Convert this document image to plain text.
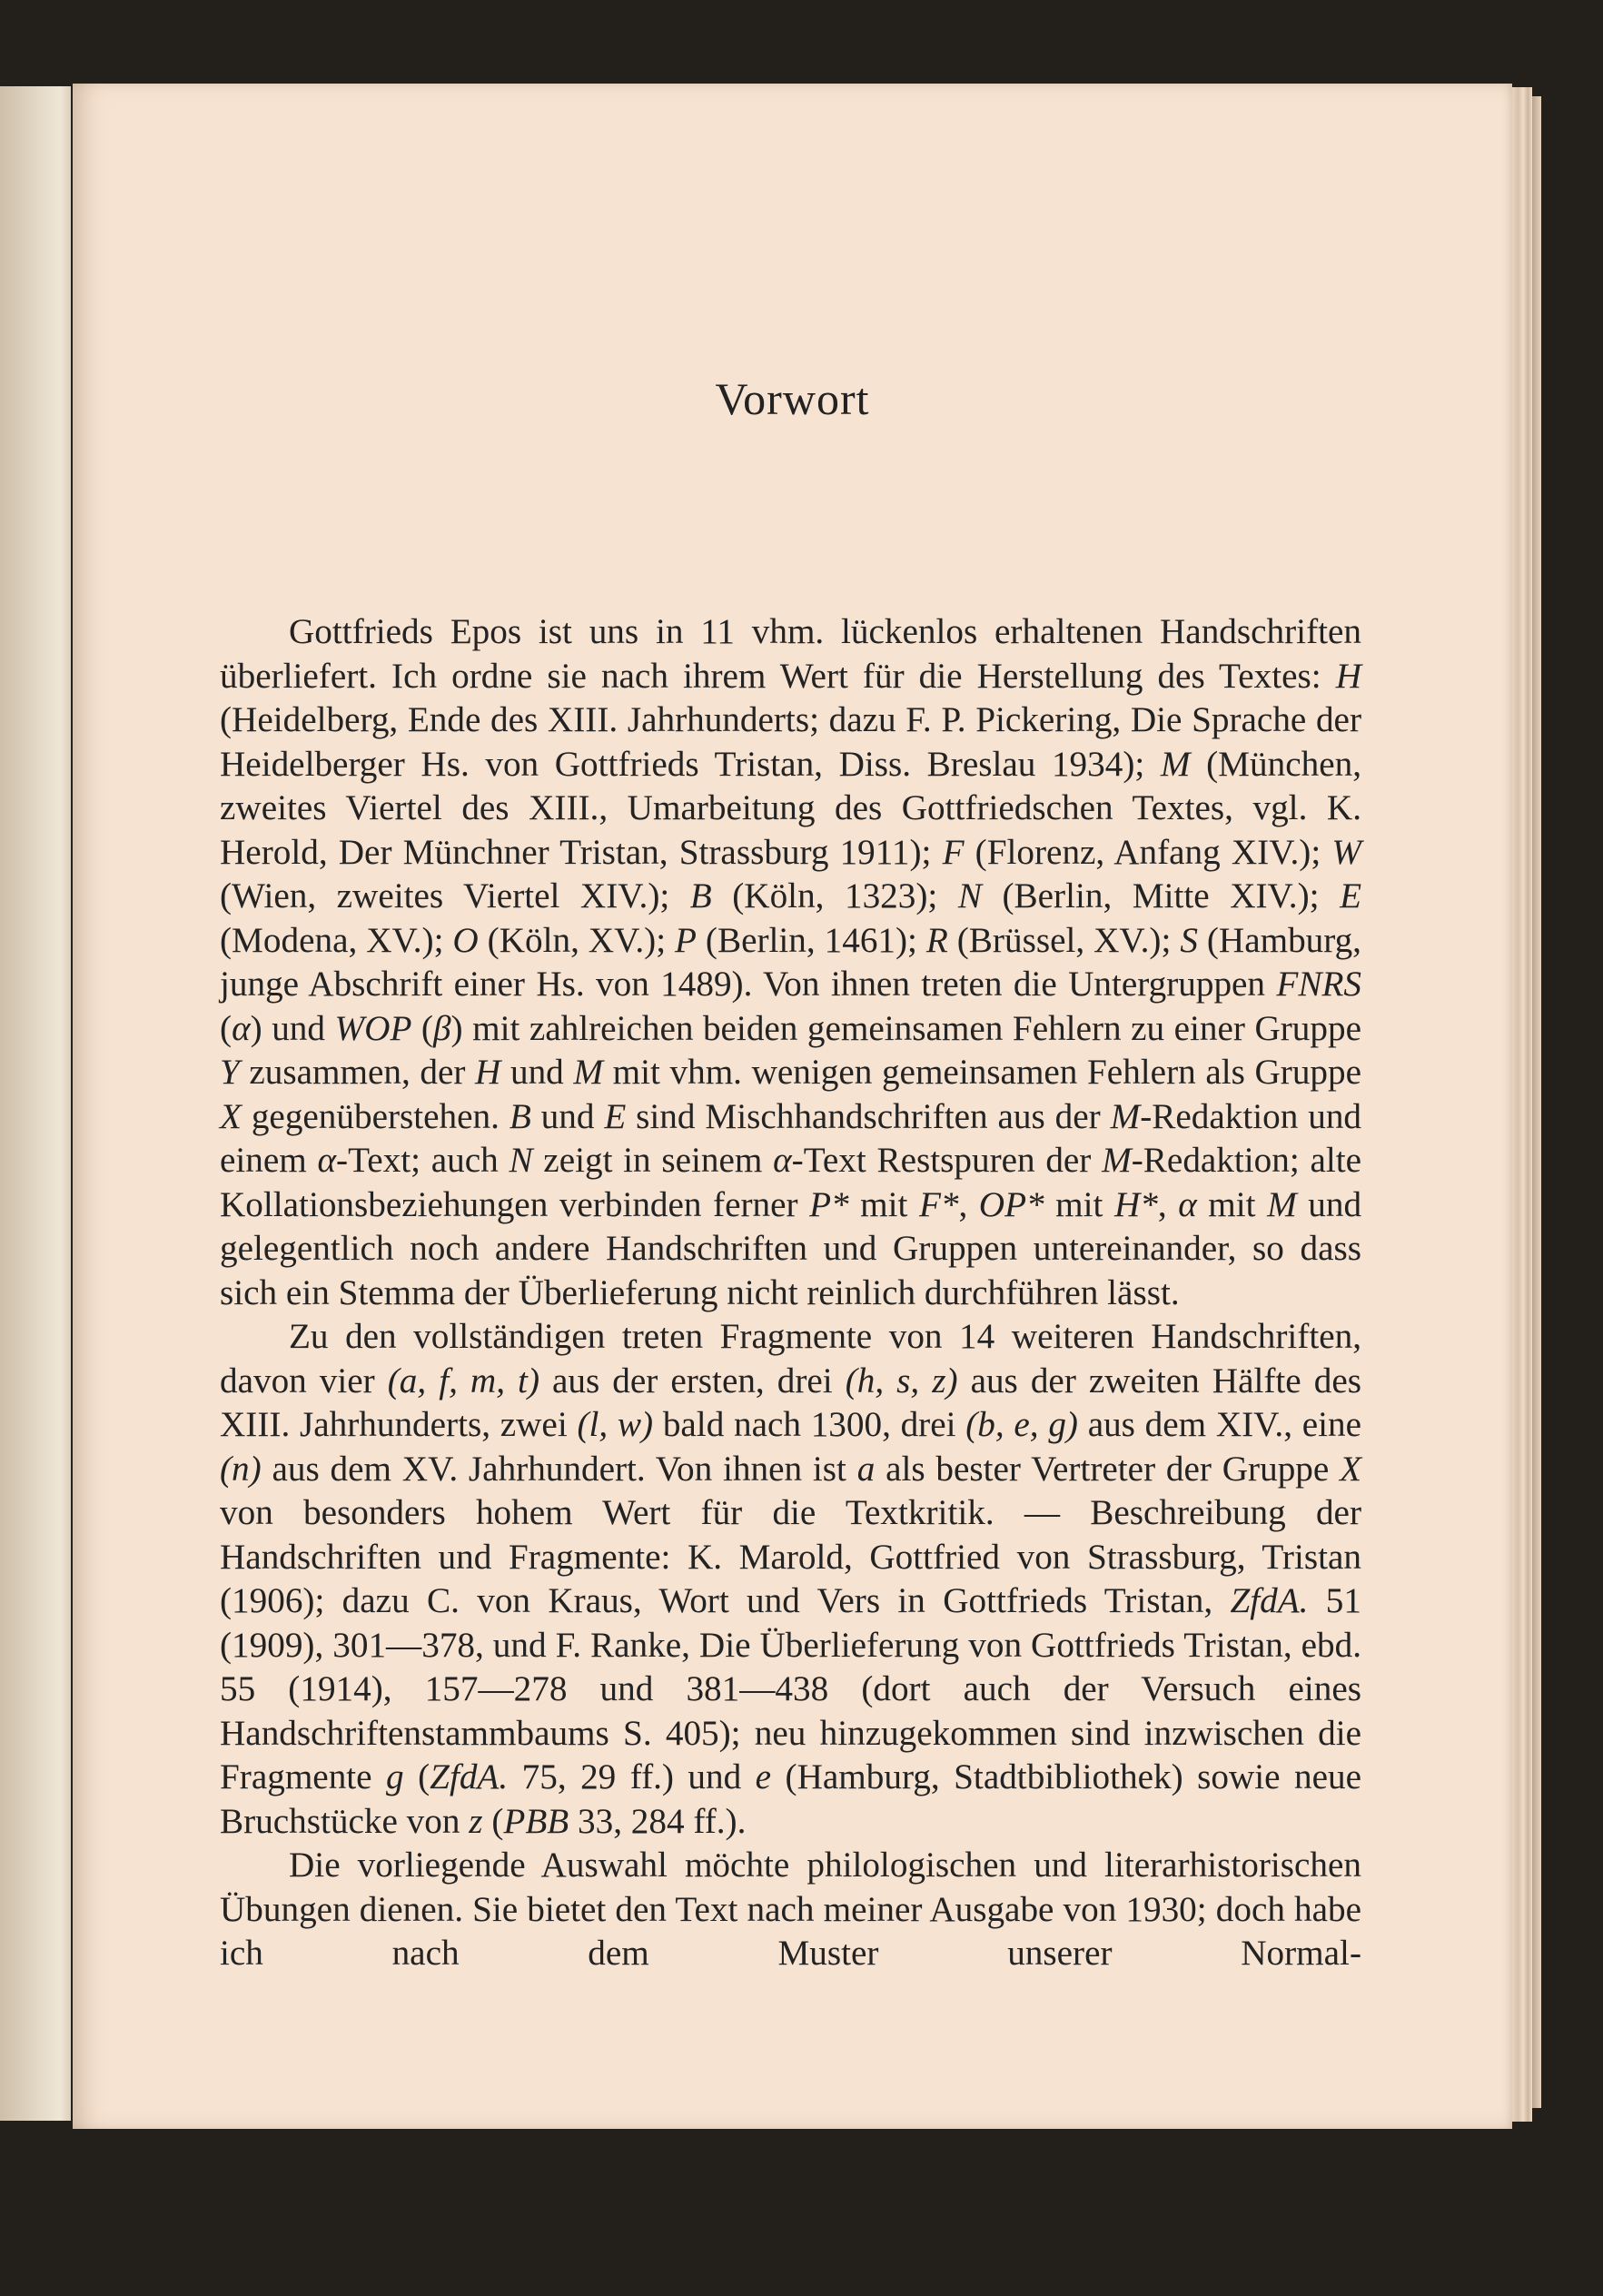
Vorwort

Gottfrieds Epos ist uns in 11 vhm. lückenlos erhaltenen Handschriften überliefert. Ich ordne sie nach ihrem Wert für die Herstellung des Textes: H (Heidelberg, Ende des XIII. Jahrhunderts; dazu F. P. Pickering, Die Sprache der Heidelberger Hs. von Gottfrieds Tristan, Diss. Breslau 1934); M (München, zweites Viertel des XIII., Umarbeitung des Gottfriedschen Textes, vgl. K. Herold, Der Münchner Tristan, Strassburg 1911); F (Florenz, Anfang XIV.); W (Wien, zweites Viertel XIV.); B (Köln, 1323); N (Berlin, Mitte XIV.); E (Modena, XV.); O (Köln, XV.); P (Berlin, 1461); R (Brüssel, XV.); S (Hamburg, junge Abschrift einer Hs. von 1489). Von ihnen treten die Untergruppen FNRS (α) und WOP (β) mit zahlreichen beiden gemeinsamen Fehlern zu einer Gruppe Y zusammen, der H und M mit vhm. wenigen gemeinsamen Fehlern als Gruppe X gegenüberstehen. B und E sind Mischhandschriften aus der M-Redaktion und einem α-Text; auch N zeigt in seinem α-Text Restspuren der M-Redaktion; alte Kollationsbeziehungen verbinden ferner P* mit F*, OP* mit H*, α mit M und gelegentlich noch andere Handschriften und Gruppen untereinander, so dass sich ein Stemma der Überlieferung nicht reinlich durchführen lässt.

Zu den vollständigen treten Fragmente von 14 weiteren Handschriften, davon vier (a, f, m, t) aus der ersten, drei (h, s, z) aus der zweiten Hälfte des XIII. Jahrhunderts, zwei (l, w) bald nach 1300, drei (b, e, g) aus dem XIV., eine (n) aus dem XV. Jahrhundert. Von ihnen ist a als bester Vertreter der Gruppe X von besonders hohem Wert für die Textkritik. — Beschreibung der Handschriften und Fragmente: K. Marold, Gottfried von Strassburg, Tristan (1906); dazu C. von Kraus, Wort und Vers in Gottfrieds Tristan, ZfdA. 51 (1909), 301—378, und F. Ranke, Die Überlieferung von Gottfrieds Tristan, ebd. 55 (1914), 157—278 und 381—438 (dort auch der Versuch eines Handschriftenstammbaums S. 405); neu hinzugekommen sind inzwischen die Fragmente g (ZfdA. 75, 29 ff.) und e (Hamburg, Stadtbibliothek) sowie neue Bruchstücke von z (PBB 33, 284 ff.).

Die vorliegende Auswahl möchte philologischen und literarhistorischen Übungen dienen. Sie bietet den Text nach meiner Ausgabe von 1930; doch habe ich nach dem Muster unserer Normal-
